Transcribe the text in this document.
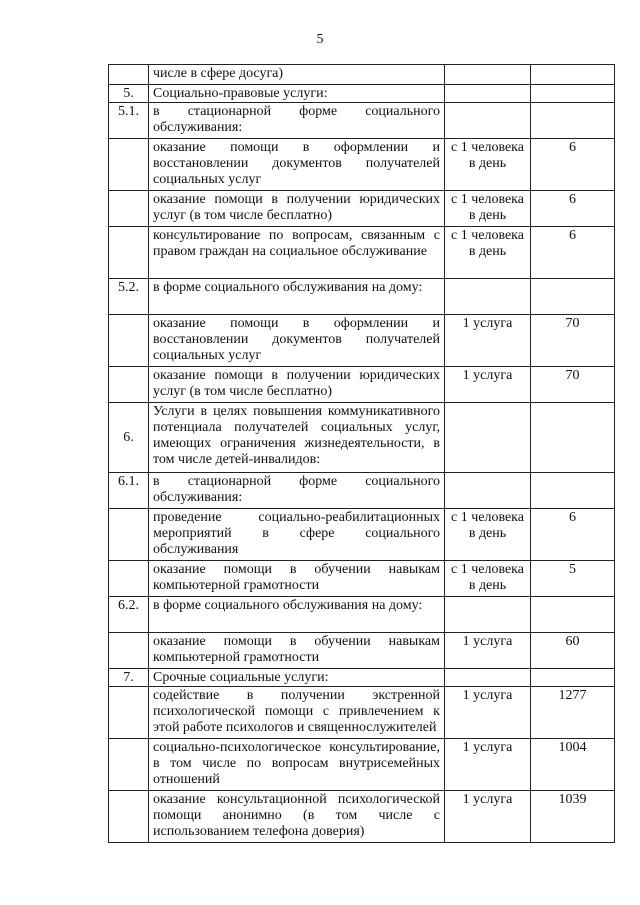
5
	числе в сфере досуга)		
5.	Социально-правовые услуги:		
5.1.	в стационарной форме социального обслуживания:		
	оказание помощи в оформлении и восстановлении документов получателей социальных услуг	с 1 человека в день	6
	оказание помощи в получении юридических услуг (в том числе бесплатно)	с 1 человека в день	6
	консультирование по вопросам, связанным с правом граждан на социальное обслуживание	с 1 человека в день	6
5.2.	в форме социального обслуживания на дому:		
	оказание помощи в оформлении и восстановлении документов получателей социальных услуг	1 услуга	70
	оказание помощи в получении юридических услуг (в том числе бесплатно)	1 услуга	70
6.	Услуги в целях повышения коммуникативного потенциала получателей социальных услуг, имеющих ограничения жизнедеятельности, в том числе детей-инвалидов:		
6.1.	в стационарной форме социального обслуживания:		
	проведение социально-реабилитационных мероприятий в сфере социального обслуживания	с 1 человека в день	6
	оказание помощи в обучении навыкам компьютерной грамотности	с 1 человека в день	5
6.2.	в форме социального обслуживания на дому:		
	оказание помощи в обучении навыкам компьютерной грамотности	1 услуга	60
7.	Срочные социальные услуги:		
	содействие в получении экстренной психологической помощи с привлечением к этой работе психологов и священнослужителей	1 услуга	1277
	социально-психологическое консультирование, в том числе по вопросам внутрисемейных отношений	1 услуга	1004
	оказание консультационной психологической помощи анонимно (в том числе с использованием телефона доверия)	1 услуга	1039
